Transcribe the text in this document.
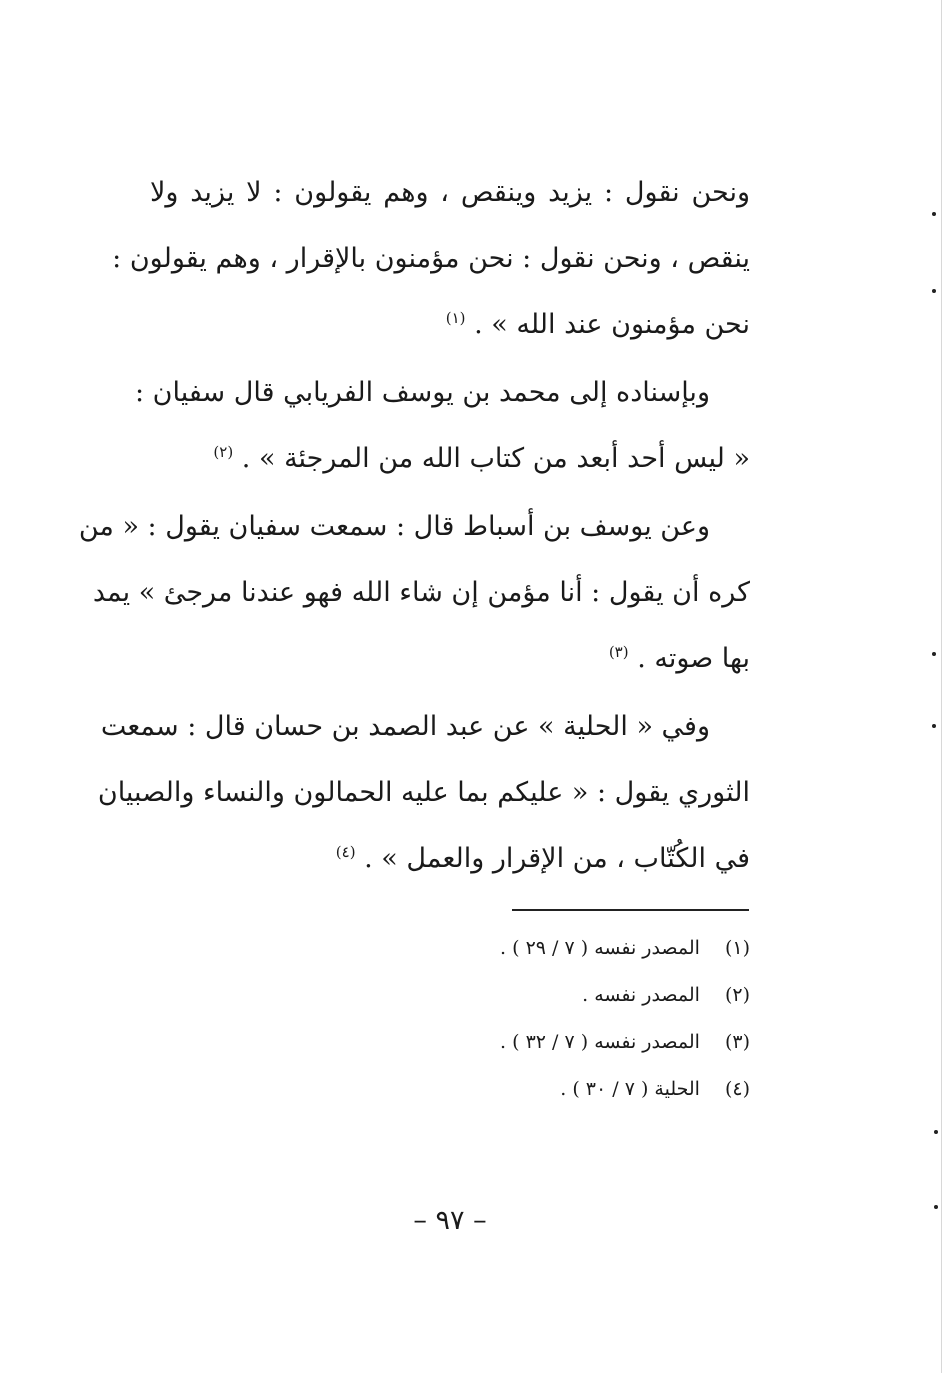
ونحن نقول : يزيد وينقص ، وهم يقولون : لا يزيد ولا
ينقص ، ونحن نقول : نحن مؤمنون بالإقرار ، وهم يقولون :
نحن مؤمنون عند الله » . $^{(١)}$
وبإسناده إلى محمد بن يوسف الفريابي قال سفيان :
« ليس أحد أبعد من كتاب الله من المرجئة » . $^{(٢)}$
وعن يوسف بن أسباط قال : سمعت سفيان يقول : « من
كره أن يقول : أنا مؤمن إن شاء الله فهو عندنا مرجئ » يمد
بها صوته . $^{(٣)}$
وفي « الحلية » عن عبد الصمد بن حسان قال : سمعت
الثوري يقول : « عليكم بما عليه الحمالون والنساء والصبيان
في الكُتّاب ، من الإقرار والعمل » . $^{(٤)}$
(١) المصدر نفسه ( ٧ / ٢٩ ) .
(٢) المصدر نفسه .
(٣) المصدر نفسه ( ٧ / ٣٢ ) .
(٤) الحلية ( ٧ / ٣٠ ) .
– ٩٧ –
